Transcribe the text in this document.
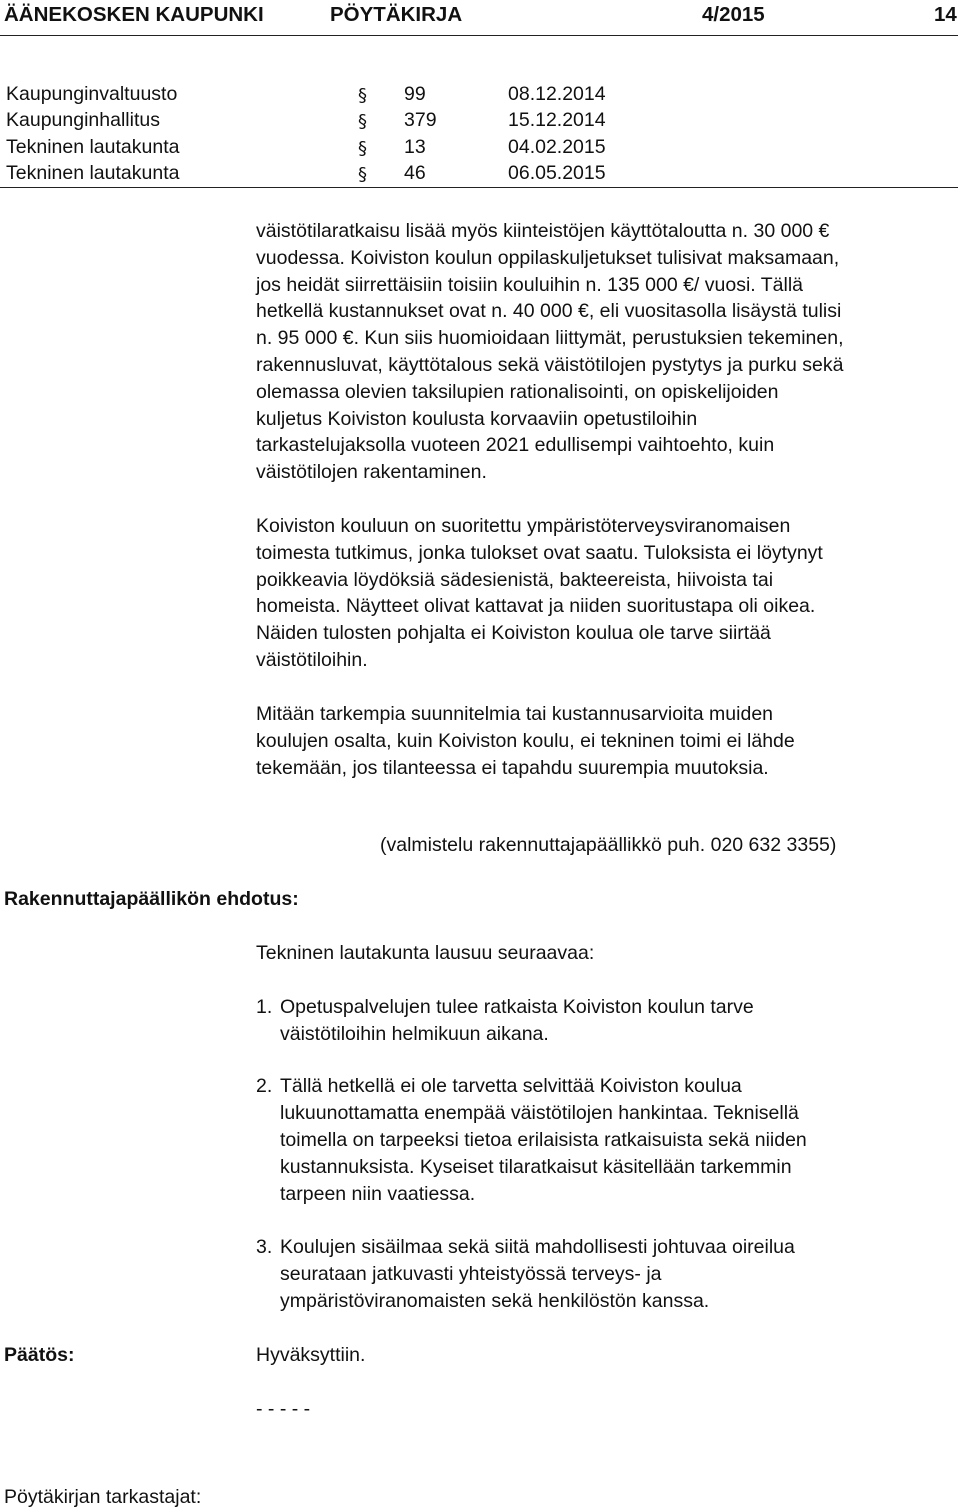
ÄÄNEKOSKEN KAUPUNKI	PÖYTÄKIRJA	4/2015	14
Kaupunginvaltuusto	§ 99	08.12.2014
Kaupunginhallitus	§ 379	15.12.2014
Tekninen lautakunta	§ 13	04.02.2015
Tekninen lautakunta	§ 46	06.05.2015
väistötilaratkaisu lisää myös kiinteistöjen käyttötaloutta n. 30 000 €
vuodessa. Koiviston koulun oppilaskuljetukset tulisivat maksamaan,
jos heidät siirrettäisiin toisiin kouluihin n. 135 000 €/ vuosi. Tällä
hetkellä kustannukset ovat n. 40 000 €, eli vuositasolla lisäystä tulisi
n. 95 000 €. Kun siis huomioidaan liittymät, perustuksien tekeminen,
rakennusluvat, käyttötalous sekä väistötilojen pystytys ja purku sekä
olemassa olevien taksilupien rationalisointi, on opiskelijoiden
kuljetus Koiviston koulusta korvaaviin opetustiloihin
tarkastelujaksolla vuoteen 2021 edullisempi vaihtoehto, kuin
väistötilojen rakentaminen.
Koiviston kouluun on suoritettu ympäristöterveysviranomaisen
toimesta tutkimus, jonka tulokset ovat saatu. Tuloksista ei löytynyt
poikkeavia löydöksiä sädesienistä, bakteereista, hiivoista tai
homeista. Näytteet olivat kattavat ja niiden suoritustapa oli oikea.
Näiden tulosten pohjalta ei Koiviston koulua ole tarve siirtää
väistötiloihin.
Mitään tarkempia suunnitelmia tai kustannusarvioita muiden
koulujen osalta, kuin Koiviston koulu, ei tekninen toimi ei lähde
tekemään, jos tilanteessa ei tapahdu suurempia muutoksia.
(valmistelu rakennuttajapäällikkö puh. 020 632 3355)
Rakennuttajapäällikön ehdotus:
Tekninen lautakunta lausuu seuraavaa:
1. Opetuspalvelujen tulee ratkaista Koiviston koulun tarve
väistötiloihin helmikuun aikana.
2. Tällä hetkellä ei ole tarvetta selvittää Koiviston koulua
lukuunottamatta enempää väistötilojen hankintaa. Teknisellä
toimella on tarpeeksi tietoa erilaisista ratkaisuista sekä niiden
kustannuksista. Kyseiset tilaratkaisut käsitellään tarkemmin
tarpeen niin vaatiessa.
3. Koulujen sisäilmaa sekä siitä mahdollisesti johtuvaa oireilua
seurataan jatkuvasti yhteistyössä terveys- ja
ympäristöviranomaisten sekä henkilöstön kanssa.
Päätös:	Hyväksyttiin.
- - - - -
Pöytäkirjan tarkastajat:
